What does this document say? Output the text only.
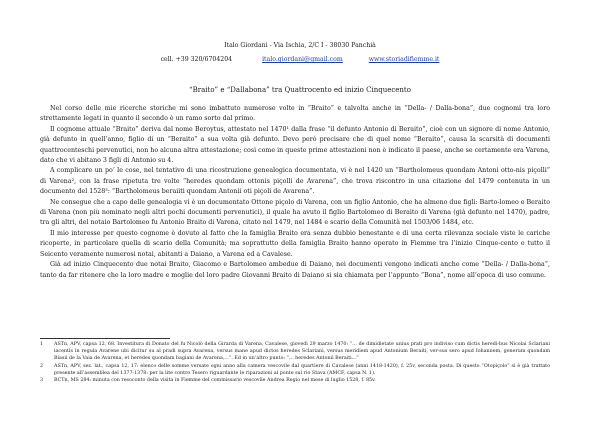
Italo Giordani - Via Ischia, 2/C I - 38030 Panchià
cell. +39 320/6704204	italo.giordani@gmail.com	www.storiadifiemme.it
“Braito” e “Dallabona” tra Quattrocento ed inizio Cinquecento

Nel corso delle mie ricerche storiche mi sono imbattuto numerose volte in “Braito” e talvolta anche in “Della- / Dalla-bona”, due cognomi tra loro strettamente legati in quanto il secondo è un ramo sorto dal primo.

Il cognome attuale “Braito” deriva dal nome Beroytus, attestato nel 1470¹ dalla frase “il defunto Antonio di Beraito”, cioè con un signore di nome Antonio, già defunto in quell’anno, figlio di un “Beraito” a sua volta già defunto. Devo però precisare che di quel nome “Beraito”, causa la scarsità di documenti quattrocenteschi pervenutici, non ho alcuna altra attestazione; così come in queste prime attestazioni non è indicato il paese, anche se certamente era Varena, dato che vi abitano 3 figli di Antonio su 4.

A complicare un po’ le cose, nel tentativo di una ricostruzione genealogica documentata, vi è nel 1420 un “Bartholomeus quondam Antoni otto-nis piçolli” di Varena², con la frase ripetuta tre volte “heredes quondam ottonis piçolli de Avarena”, che trova riscontro in una citazione del 1479 contenuta in un documento del 1528³: “Bartholomeus beraiiti quondam Antonii oti piçoli de Avarena”.

Ne consegue che a capo delle genealogia vi è un documentato Ottone piçolo di Varena, con un figlio Antonio, che ha almeno due figli: Barto-lomeo e Beraito di Varena (non più nominato negli altri pochi documenti pervenutici), il quale ha avuto il figlio Bartolomeo di Beraito di Varena (già defunto nel 1470), padre, tra gli altri, del notaio Bartolomeo fu Antonio Braito di Varena, citato nel 1479, nel 1484 e scario della Comunità nel 1503/06 1484, etc.

Il mio interesse per questo cognome è dovuto al fatto che la famiglia Braito era senza dubbio benestante e di una certa rilevanza sociale viste le cariche ricoperte, in particolare quella di scario della Comunità; ma soprattutto della famiglia Braito hanno operato in Fiemme tra l’inizio Cinque-cento e tutto il Seicento veramente numerosi notai, abitanti a Daiano, a Varena ed a Cavalese.

Già ad inizio Cinquecento due notai Braito, Giacomo e Bartolomeo ambedue di Daiano, nei documenti vengono indicati anche come “Della- / Dalla-bona”, tanto da far ritenere che la loro madre e moglie del loro padre Giovanni Braito di Daiano si sia chiamata per l’appunto “Bona”, nome all’epoca di uso comune.

1	ASTn, APV, capsa 12, 68. Investitura di Donato del fu Nicolò della Girarda di Varena, Cavalese, giovedì 29 marzo 1470: “... de dimidietate unius prati pro indiviso cum dictis heredi-bus Nicolai Sclariani iacentis in regula Avarene ubi dicitur su al pradi supra Avarena, versus mane apud dictos heredes Sclariani, versus meridiem apud Antonium Beraiti, ver-sus sero apud Iohannem, generum quondam Biasii de la Vaia de Avarena, et heredes quondam bagiani de Avarena,...”. Ed in un’altro punto: “... heredes Antonii Beraiti...”
2	ASTn, APV, sez. lat., capsa 12, 17: elenco delle somme versate ogni anno alla camera vescovile dal quartiere di Cavalese (anni 1418-1420), f. 25v, seconda posta. Di questo “Otopiçolo” si è già trattato presente all’assemblea del 1377-1378: per la lite contro Tesero riguardante le riparazioni al ponte sul rio Stava (AMCF, capsa N. 1).
3	BCTn, MS 284: minuta con resoconto della visita in Fiemme del commissario vescovile Andrea Regio nel mese di luglio 1528, f. 85v.
